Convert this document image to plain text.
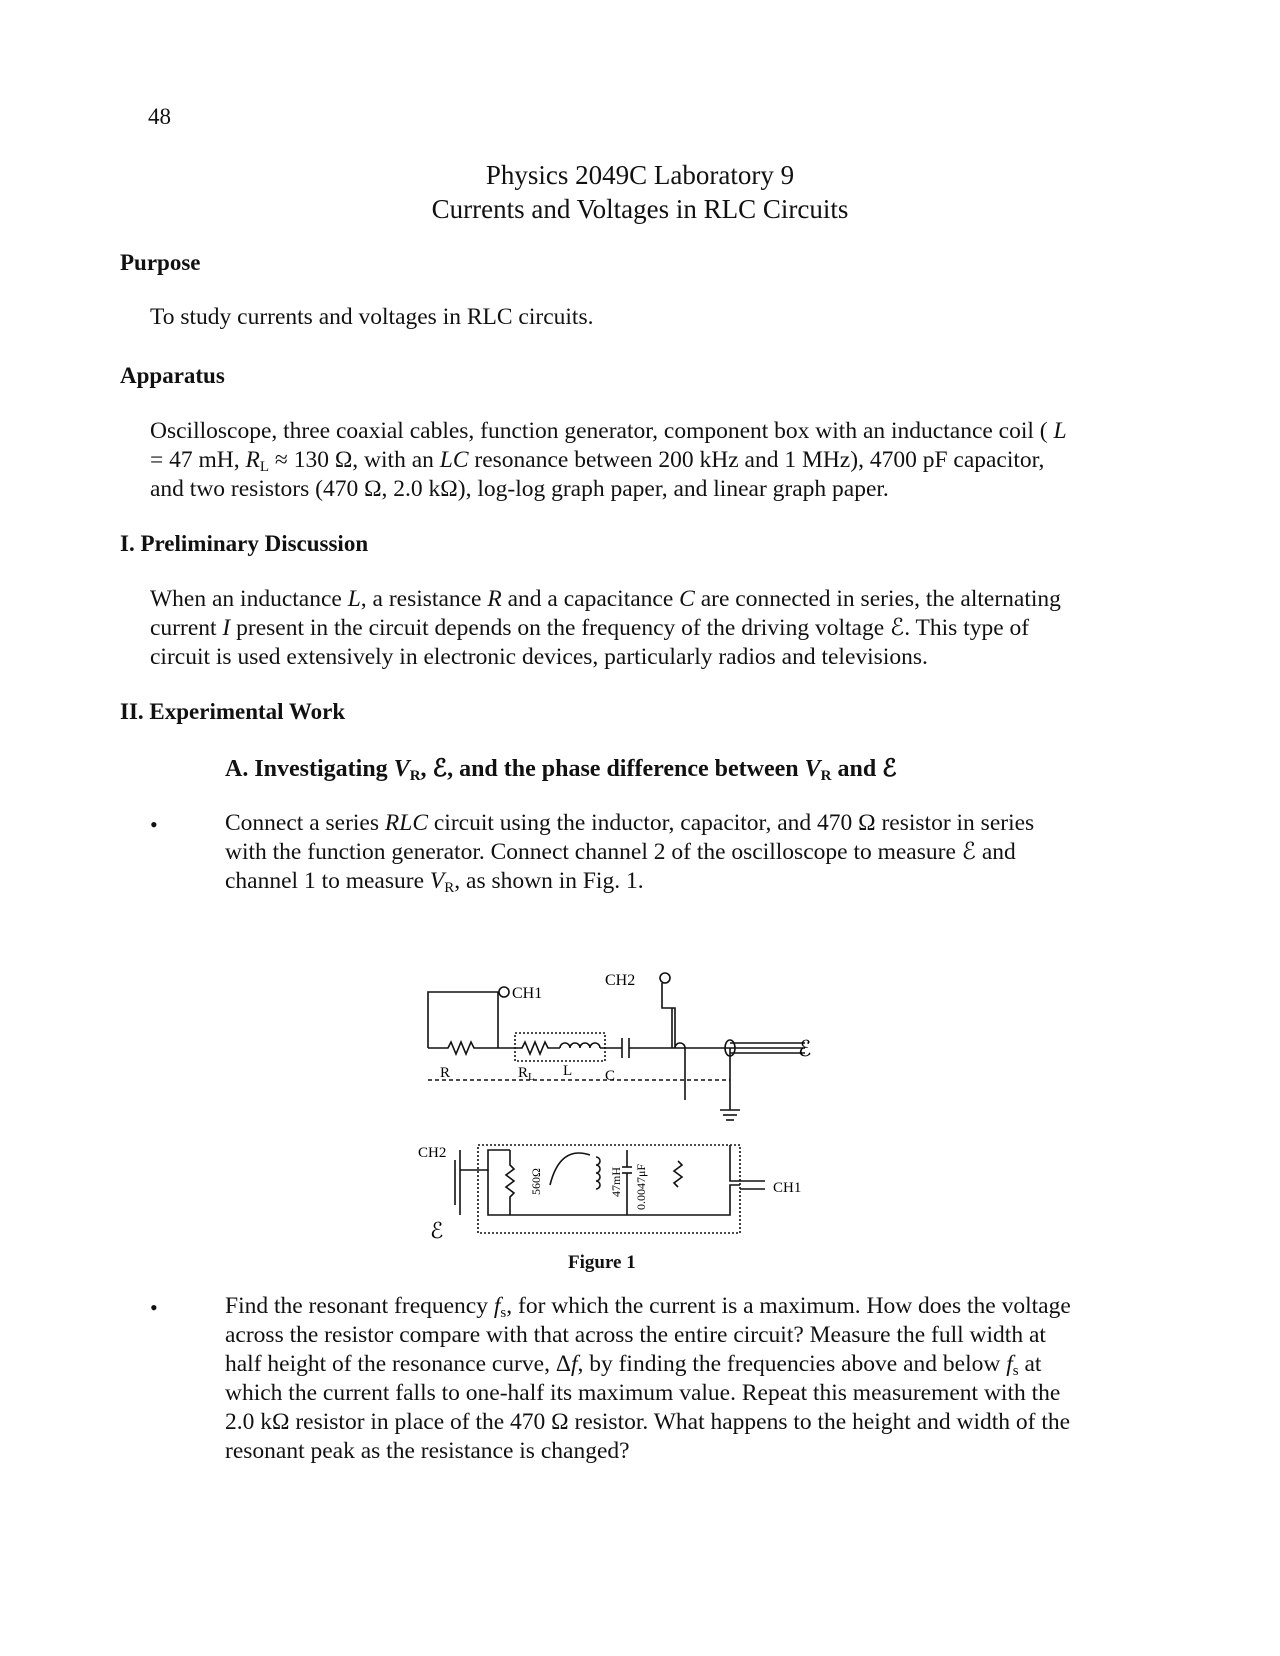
48
Physics 2049C Laboratory 9
Currents and Voltages in RLC Circuits
Purpose
To study currents and voltages in RLC circuits.
Apparatus
Oscilloscope, three coaxial cables, function generator, component box with an inductance coil ( L
= 47 mH, $R_L \approx 130$ Ω, with an LC resonance between 200 kHz and 1 MHz), 4700 pF capacitor,
and two resistors (470 Ω, 2.0 kΩ), log-log graph paper, and linear graph paper.
I. Preliminary Discussion
When an inductance L, a resistance R and a capacitance C are connected in series, the alternating
current I present in the circuit depends on the frequency of the driving voltage ℰ. This type of
circuit is used extensively in electronic devices, particularly radios and televisions.
II. Experimental Work
A. Investigating $V_R$, ℰ, and the phase difference between $V_R$ and ℰ
•	Connect a series RLC circuit using the inductor, capacitor, and 470 Ω resistor in series
with the function generator. Connect channel 2 of the oscilloscope to measure ℰ and
channel 1 to measure $V_R$, as shown in Fig. 1.
CH2
CH1
ℰ
R	$R_L$ L C
CH2
ℰ
CH1
560Ω	47mH 0.0047μF
Figure 1
•	Find the resonant frequency $f_s$, for which the current is a maximum. How does the voltage
across the resistor compare with that across the entire circuit? Measure the full width at
half height of the resonance curve, Δf, by finding the frequencies above and below $f_s$ at
which the current falls to one-half its maximum value. Repeat this measurement with the
2.0 kΩ resistor in place of the 470 Ω resistor. What happens to the height and width of the
resonant peak as the resistance is changed?
